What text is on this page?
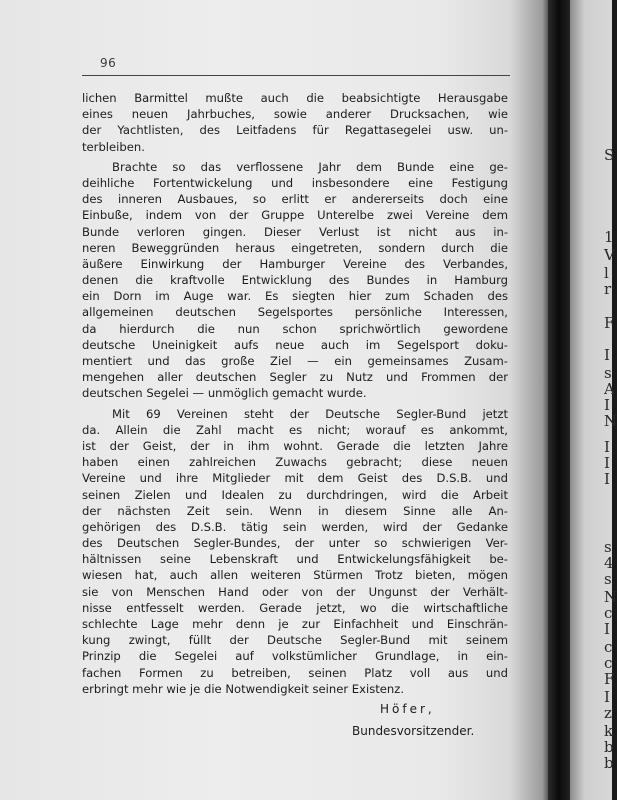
96
lichen Barmittel mußte auch die beabsichtigte Herausgabe
eines neuen Jahrbuches, sowie anderer Drucksachen, wie
der Yachtlisten, des Leitfadens für Regattasegelei usw. un-
terbleiben.
Brachte so das verflossene Jahr dem Bunde eine ge-
deihliche Fortentwickelung und insbesondere eine Festigung
des inneren Ausbaues, so erlitt er andererseits doch eine
Einbuße, indem von der Gruppe Unterelbe zwei Vereine dem
Bunde verloren gingen. Dieser Verlust ist nicht aus in-
neren Beweggründen heraus eingetreten, sondern durch die
äußere Einwirkung der Hamburger Vereine des Verbandes,
denen die kraftvolle Entwicklung des Bundes in Hamburg
ein Dorn im Auge war. Es siegten hier zum Schaden des
allgemeinen deutschen Segelsportes persönliche Interessen,
da hierdurch die nun schon sprichwörtlich gewordene
deutsche Uneinigkeit aufs neue auch im Segelsport doku-
mentiert und das große Ziel — ein gemeinsames Zusam-
mengehen aller deutschen Segler zu Nutz und Frommen der
deutschen Segelei — unmöglich gemacht wurde.
Mit 69 Vereinen steht der Deutsche Segler-Bund jetzt
da. Allein die Zahl macht es nicht; worauf es ankommt,
ist der Geist, der in ihm wohnt. Gerade die letzten Jahre
haben einen zahlreichen Zuwachs gebracht; diese neuen
Vereine und ihre Mitglieder mit dem Geist des D.S.B. und
seinen Zielen und Idealen zu durchdringen, wird die Arbeit
der nächsten Zeit sein. Wenn in diesem Sinne alle An-
gehörigen des D.S.B. tätig sein werden, wird der Gedanke
des Deutschen Segler-Bundes, der unter so schwierigen Ver-
hältnissen seine Lebenskraft und Entwickelungsfähigkeit be-
wiesen hat, auch allen weiteren Stürmen Trotz bieten, mögen
sie von Menschen Hand oder von der Ungunst der Verhält-
nisse entfesselt werden. Gerade jetzt, wo die wirtschaftliche
schlechte Lage mehr denn je zur Einfachheit und Einschrän-
kung zwingt, füllt der Deutsche Segler-Bund mit seinem
Prinzip die Segelei auf volkstümlicher Grundlage, in ein-
fachen Formen zu betreiben, seinen Platz voll aus und
erbringt mehr wie je die Notwendigkeit seiner Existenz.
Höfer,
Bundesvorsitzender.
S
1
V
l
r
F
I
s
A
I
N
I
I
I
s
4
s
N
c
I
c
c
F
I
z
k
b
b
